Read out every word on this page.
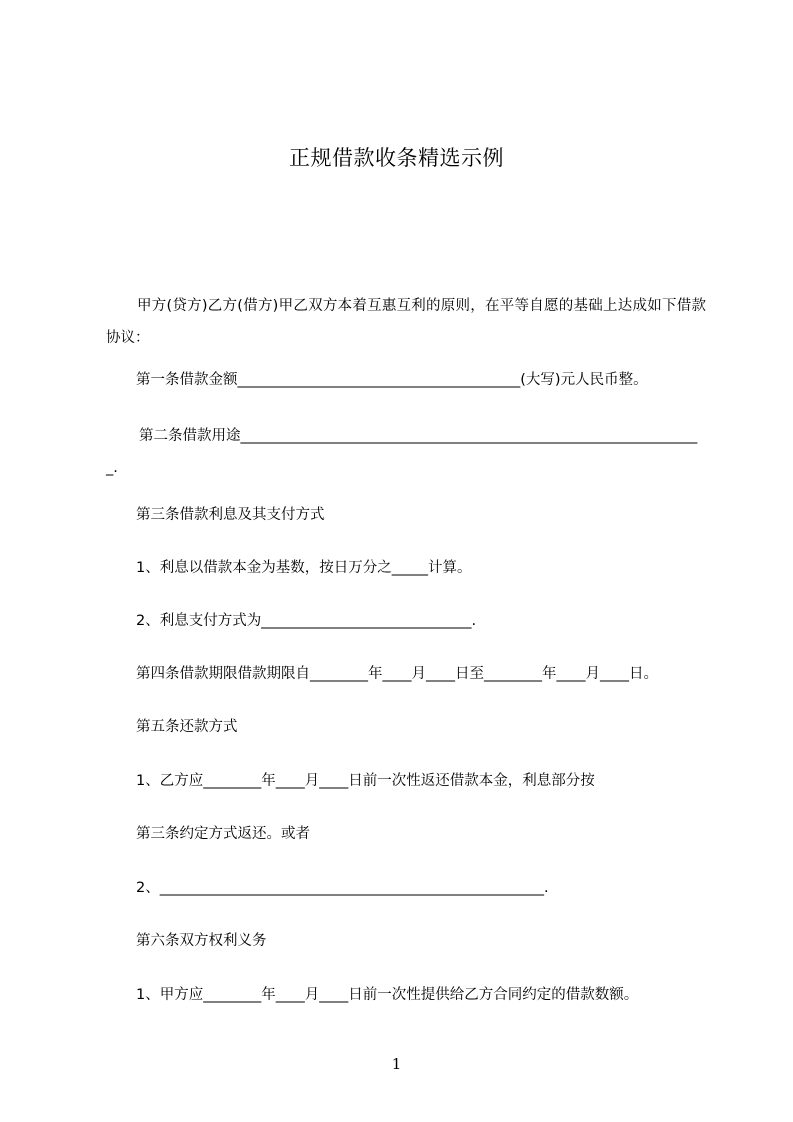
正规借款收条精选示例
甲方(贷方)乙方(借方)甲乙双方本着互惠互利的原则，在平等自愿的基础上达成如下借款协议：
第一条借款金额_______________________________________(大写)元人民币整。
第二条借款用途________________________________________________________________.
第三条借款利息及其支付方式
1、利息以借款本金为基数，按日万分之_____计算。
2、利息支付方式为_____________________________.
第四条借款期限借款期限自________年____月____日至________年____月____日。
第五条还款方式
1、乙方应________年____月____日前一次性返还借款本金，利息部分按
第三条约定方式返还。或者
2、_____________________________________________________.
第六条双方权利义务
1、甲方应________年____月____日前一次性提供给乙方合同约定的借款数额。
1
